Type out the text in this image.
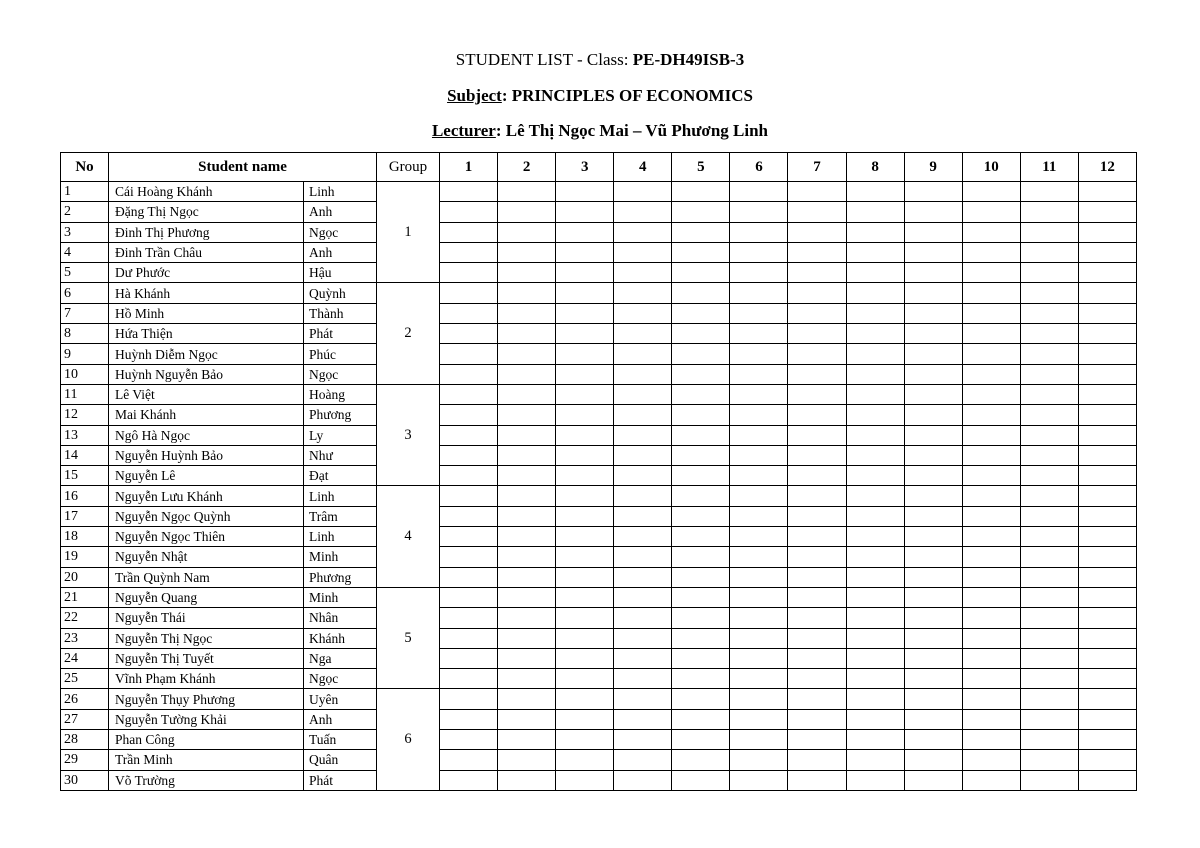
STUDENT LIST - Class: PE-DH49ISB-3
Subject: PRINCIPLES OF ECONOMICS
Lecturer: Lê Thị Ngọc Mai – Vũ Phương Linh
No	Student name		Group	1	2	3	4	5	6	7	8	9	10	11	12
1	Cái Hoàng Khánh	Linh	1												
2	Đặng Thị Ngọc	Anh													
3	Đinh Thị Phương	Ngọc													
4	Đinh Trần Châu	Anh													
5	Dư Phước	Hậu													
6	Hà Khánh	Quỳnh	2												
7	Hồ Minh	Thành													
8	Hứa Thiện	Phát													
9	Huỳnh Diễm Ngọc	Phúc													
10	Huỳnh Nguyễn Bảo	Ngọc													
11	Lê Việt	Hoàng	3												
12	Mai Khánh	Phương													
13	Ngô Hà Ngọc	Ly													
14	Nguyễn Huỳnh Bảo	Như													
15	Nguyễn Lê	Đạt													
16	Nguyễn Lưu Khánh	Linh	4												
17	Nguyễn Ngọc Quỳnh	Trâm													
18	Nguyễn Ngọc Thiên	Linh													
19	Nguyễn Nhật	Minh													
20	Trần Quỳnh Nam	Phương													
21	Nguyễn Quang	Minh	5												
22	Nguyễn Thái	Nhân													
23	Nguyễn Thị Ngọc	Khánh													
24	Nguyễn Thị Tuyết	Nga													
25	Vĩnh Phạm Khánh	Ngọc													
26	Nguyễn Thụy Phương	Uyên	6												
27	Nguyễn Tường Khải	Anh													
28	Phan Công	Tuấn													
29	Trần Minh	Quân													
30	Võ Trường	Phát													
